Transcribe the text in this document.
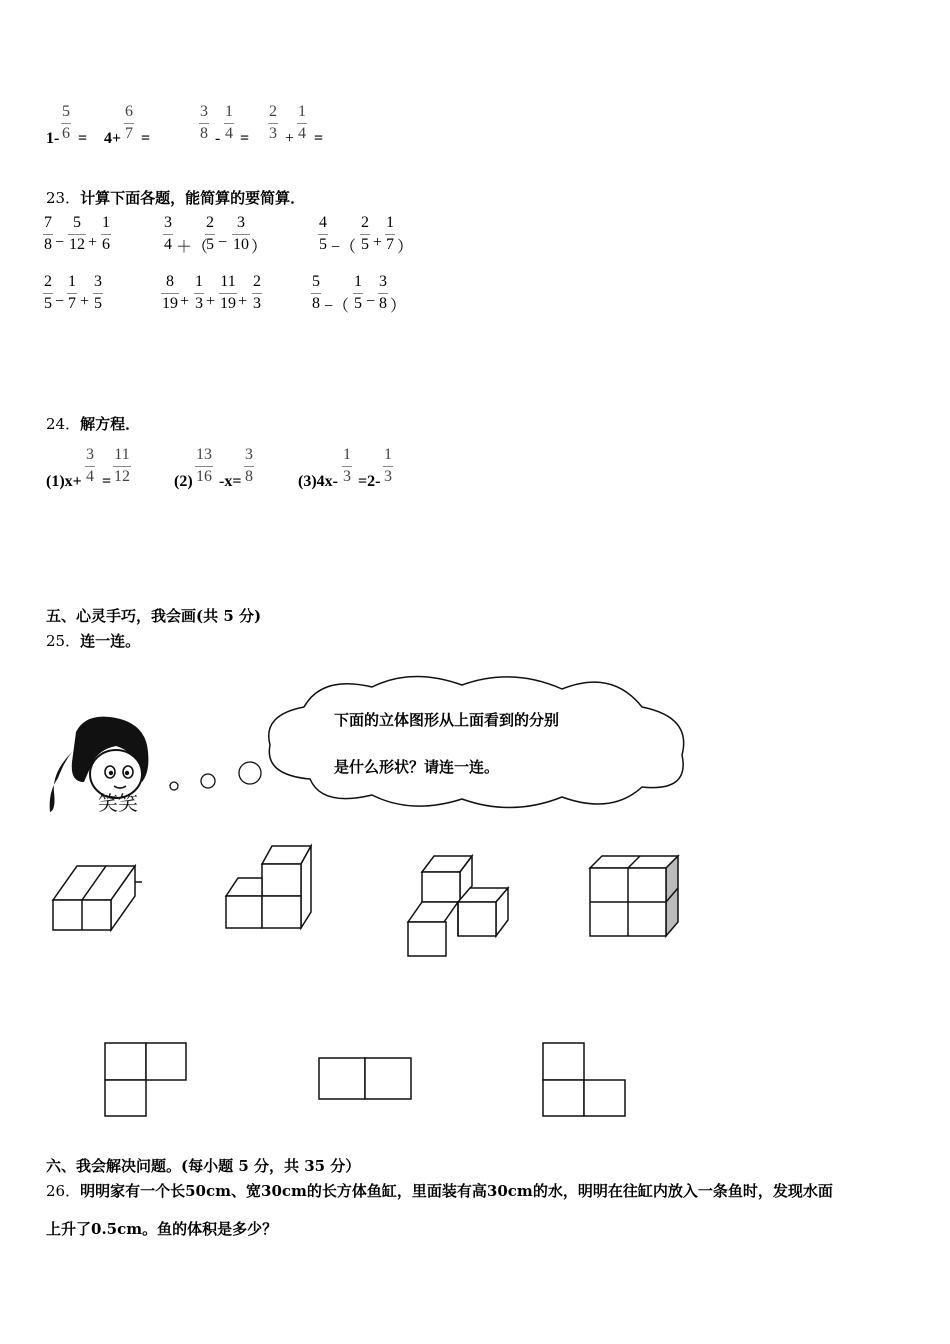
$1- \frac{5}{6} = 4+ \frac{6}{7}$ =	$\frac{3}{8} - \frac{1}{4} = \frac{2}{3} + \frac{1}{4}$ =
23．计算下面各题，能简算的要简算．
$\frac{7}{8} - \frac{5}{12} + \frac{1}{6}$	$\frac{3}{4}$ ＋（
$\frac{2}{5} - \frac{3}{10}$ ）	$\frac{4}{5}$ −（ $\frac{2}{5} + \frac{1}{7}$ ）
$\frac{2}{5} - \frac{1}{7} + \frac{3}{5}$	$\frac{8}{19} + \frac{1}{3} + \frac{11}{19} + \frac{2}{3}$	$\frac{5}{8}$ −（ $\frac{1}{5} - \frac{3}{8}$ ）
24．解方程．
$(1)x+ \frac{3}{4} = \frac{11}{12}$	$(2) \frac{13}{16} -x= \frac{3}{8}$	$(3)4x- \frac{1}{3} =2- \frac{1}{3}$
五、心灵手巧，我会画(共 5 分)
25．连一连。
笑笑
下面的立体图形从上面看到的分别
是什么形状？请连一连。
六、我会解决问题。(每小题 5 分，共 35 分）
26．明明家有一个长50cm、宽30cm的长方体鱼缸，里面装有高30cm的水，明明在往缸内放入一条鱼时，发现水面
上升了0.5cm。鱼的体积是多少？
